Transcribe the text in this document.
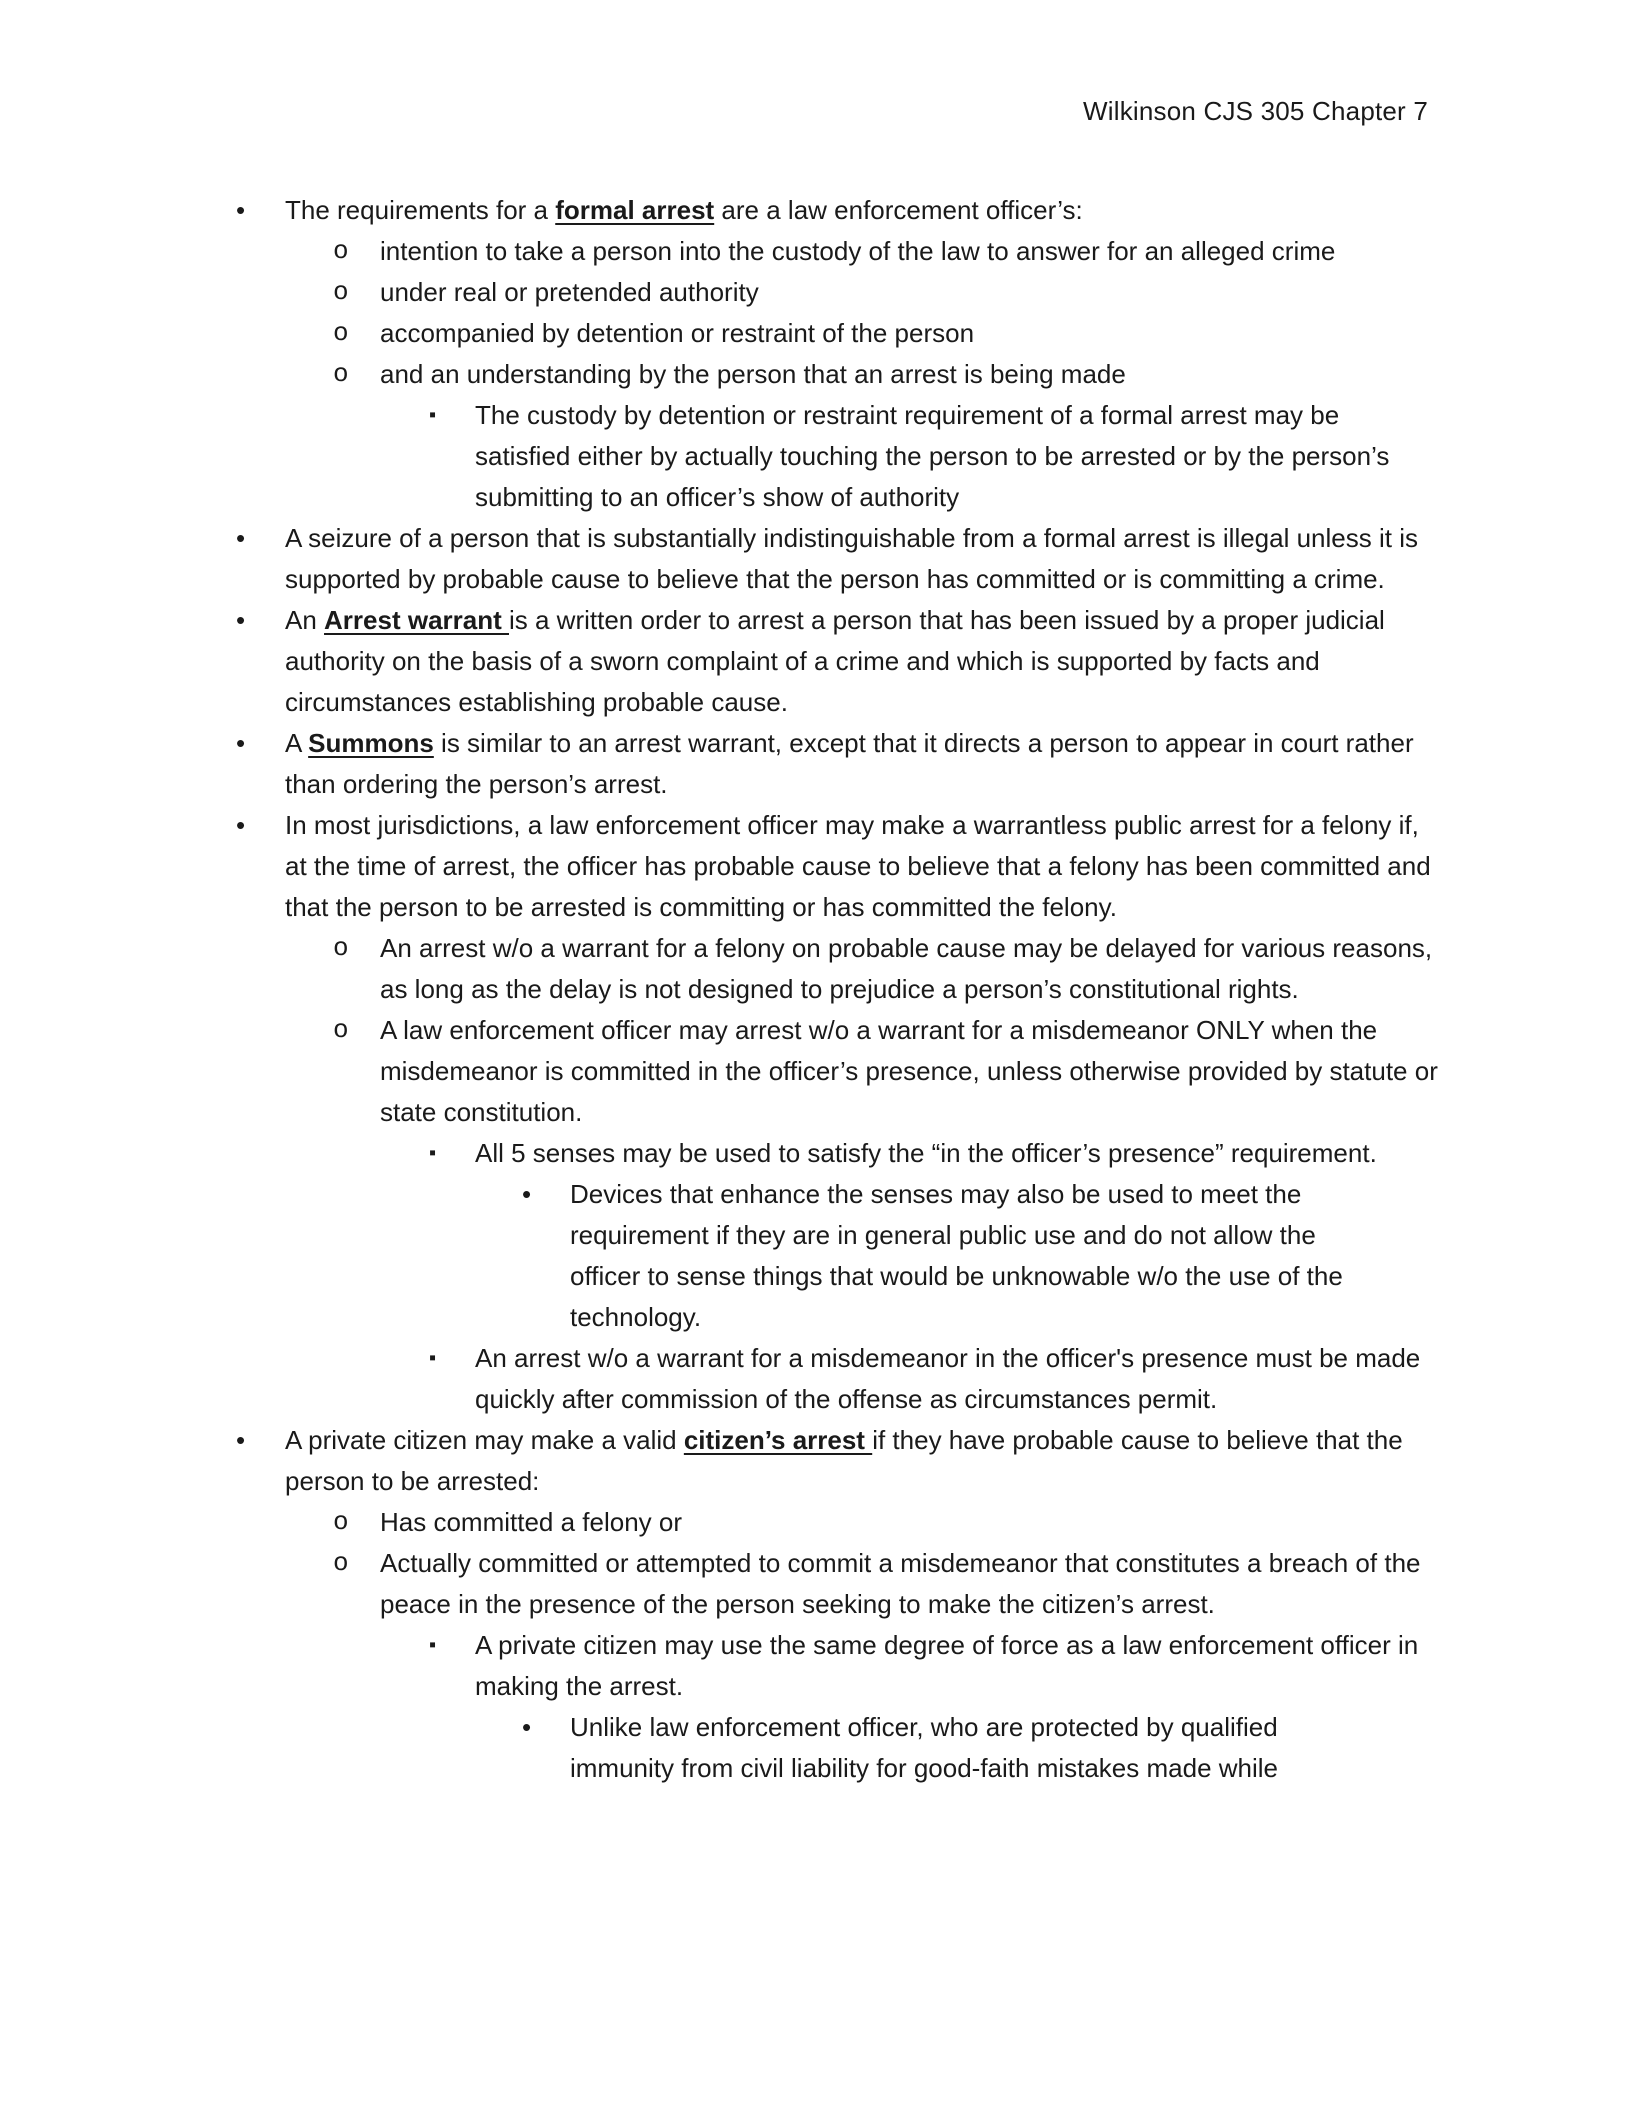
Wilkinson CJS 305 Chapter 7
• The requirements for a formal arrest are a law enforcement officer’s:
o intention to take a person into the custody of the law to answer for an alleged crime
o under real or pretended authority
o accompanied by detention or restraint of the person
o and an understanding by the person that an arrest is being made
▪ The custody by detention or restraint requirement of a formal arrest may be satisfied either by actually touching the person to be arrested or by the person’s submitting to an officer’s show of authority
• A seizure of a person that is substantially indistinguishable from a formal arrest is illegal unless it is supported by probable cause to believe that the person has committed or is committing a crime.
• An Arrest warrant is a written order to arrest a person that has been issued by a proper judicial authority on the basis of a sworn complaint of a crime and which is supported by facts and circumstances establishing probable cause.
• A Summons is similar to an arrest warrant, except that it directs a person to appear in court rather than ordering the person’s arrest.
• In most jurisdictions, a law enforcement officer may make a warrantless public arrest for a felony if, at the time of arrest, the officer has probable cause to believe that a felony has been committed and that the person to be arrested is committing or has committed the felony.
o An arrest w/o a warrant for a felony on probable cause may be delayed for various reasons, as long as the delay is not designed to prejudice a person’s constitutional rights.
o A law enforcement officer may arrest w/o a warrant for a misdemeanor ONLY when the misdemeanor is committed in the officer’s presence, unless otherwise provided by statute or state constitution.
▪ All 5 senses may be used to satisfy the “in the officer’s presence” requirement.
• Devices that enhance the senses may also be used to meet the requirement if they are in general public use and do not allow the officer to sense things that would be unknowable w/o the use of the technology.
▪ An arrest w/o a warrant for a misdemeanor in the officer's presence must be made quickly after commission of the offense as circumstances permit.
• A private citizen may make a valid citizen’s arrest if they have probable cause to believe that the person to be arrested:
o Has committed a felony or
o Actually committed or attempted to commit a misdemeanor that constitutes a breach of the peace in the presence of the person seeking to make the citizen’s arrest.
▪ A private citizen may use the same degree of force as a law enforcement officer in making the arrest.
• Unlike law enforcement officer, who are protected by qualified immunity from civil liability for good-faith mistakes made while
